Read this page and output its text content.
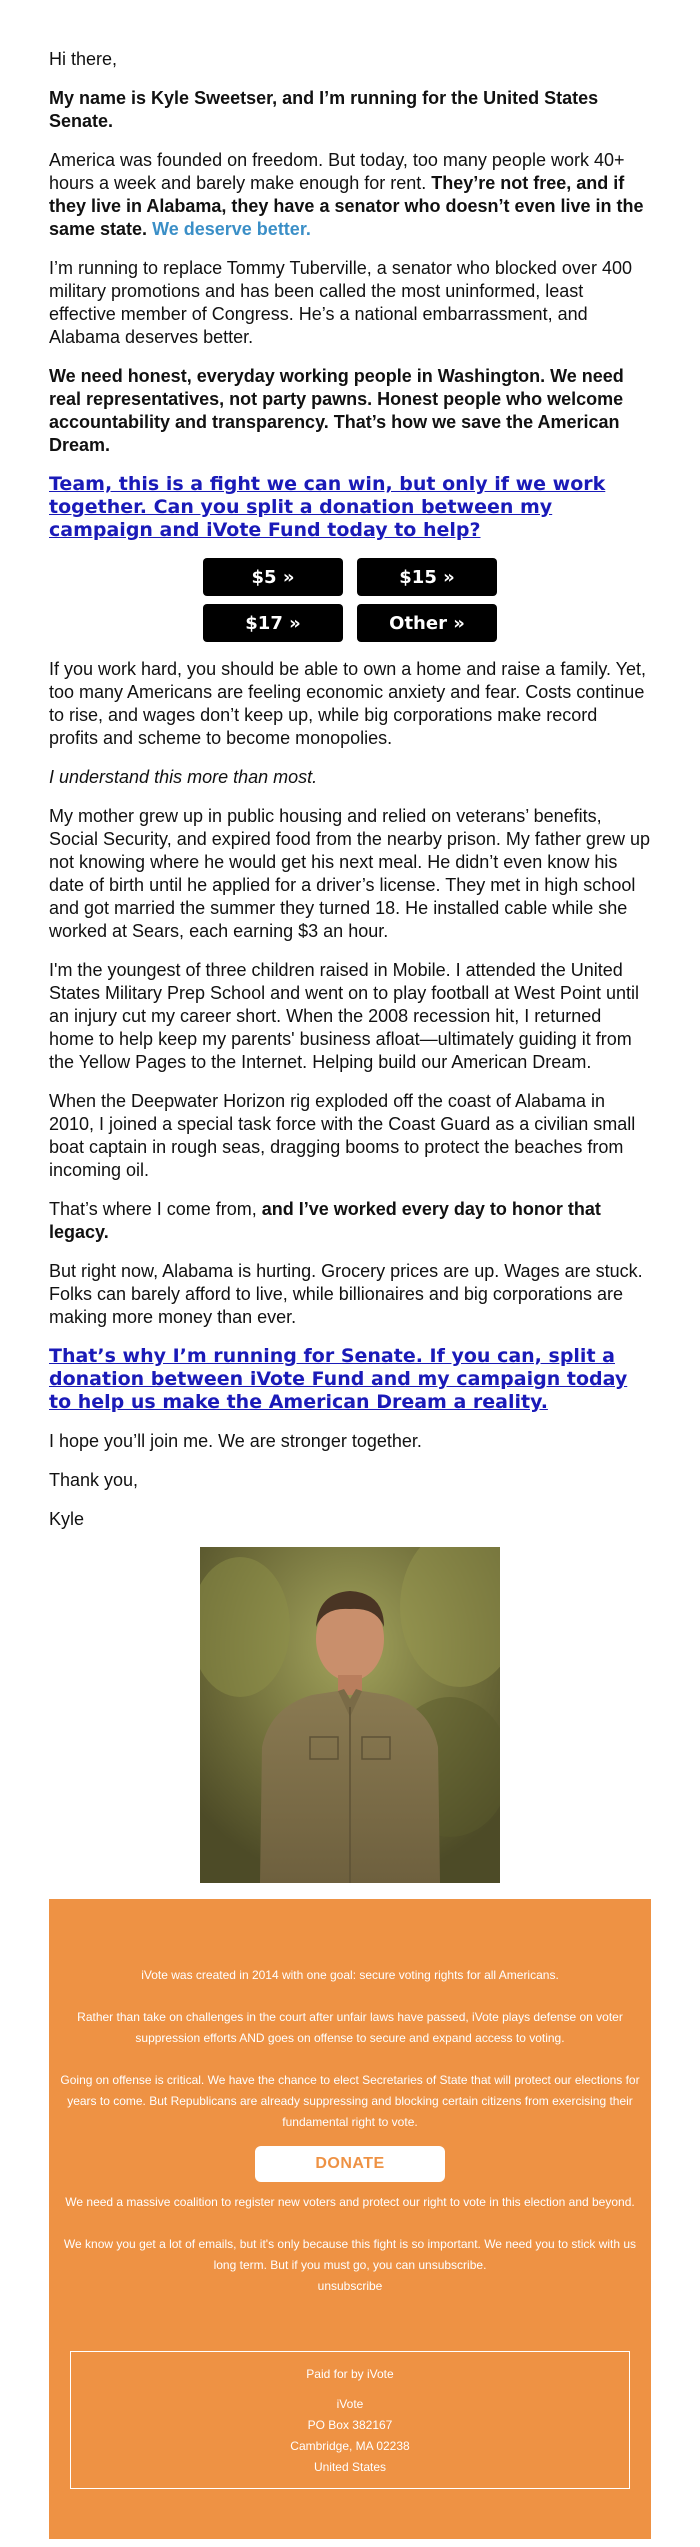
Hi there,

My name is Kyle Sweetser, and I’m running for the United States Senate.

America was founded on freedom. But today, too many people work 40+ hours a week and barely make enough for rent. They’re not free, and if they live in Alabama, they have a senator who doesn’t even live in the same state. We deserve better.

I’m running to replace Tommy Tuberville, a senator who blocked over 400 military promotions and has been called the most uninformed, least effective member of Congress. He’s a national embarrassment, and Alabama deserves better.

We need honest, everyday working people in Washington. We need real representatives, not party pawns. Honest people who welcome accountability and transparency. That’s how we save the American Dream.

Team, this is a fight we can win, but only if we work together. Can you split a donation between my campaign and iVote Fund today to help?
$5 »	$15 »
$17 »	Other »

If you work hard, you should be able to own a home and raise a family. Yet, too many Americans are feeling economic anxiety and fear. Costs continue to rise, and wages don’t keep up, while big corporations make record profits and scheme to become monopolies.

I understand this more than most.

My mother grew up in public housing and relied on veterans’ benefits, Social Security, and expired food from the nearby prison. My father grew up not knowing where he would get his next meal. He didn’t even know his date of birth until he applied for a driver’s license. They met in high school and got married the summer they turned 18. He installed cable while she worked at Sears, each earning $3 an hour.

I'm the youngest of three children raised in Mobile. I attended the United States Military Prep School and went on to play football at West Point until an injury cut my career short. When the 2008 recession hit, I returned home to help keep my parents' business afloat—ultimately guiding it from the Yellow Pages to the Internet. Helping build our American Dream.

When the Deepwater Horizon rig exploded off the coast of Alabama in 2010, I joined a special task force with the Coast Guard as a civilian small boat captain in rough seas, dragging booms to protect the beaches from incoming oil.

That’s where I come from, and I’ve worked every day to honor that legacy.

But right now, Alabama is hurting. Grocery prices are up. Wages are stuck. Folks can barely afford to live, while billionaires and big corporations are making more money than ever.

That’s why I’m running for Senate. If you can, split a donation between iVote Fund and my campaign today to help us make the American Dream a reality.

I hope you’ll join me. We are stronger together.

Thank you,

Kyle

iVote was created in 2014 with one goal: secure voting rights for all Americans.

Rather than take on challenges in the court after unfair laws have passed, iVote plays defense on voter suppression efforts AND goes on offense to secure and expand access to voting.

Going on offense is critical. We have the chance to elect Secretaries of State that will protect our elections for years to come. But Republicans are already suppressing and blocking certain citizens from exercising their fundamental right to vote.

DONATE

We need a massive coalition to register new voters and protect our right to vote in this election and beyond.

We know you get a lot of emails, but it's only because this fight is so important. We need you to stick with us long term. But if you must go, you can unsubscribe.

unsubscribe
Paid for by iVote
iVote
PO Box 382167
Cambridge, MA 02238
United States
